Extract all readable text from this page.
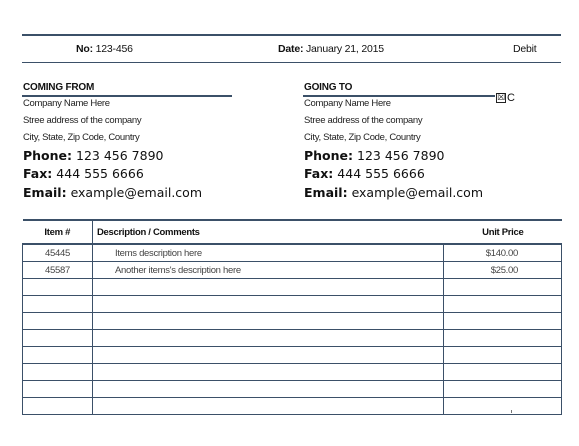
No: 123-456	Date: January 21, 2015	Debit
COMING FROM
Company Name Here
Stree address of the company
City, State, Zip Code, Country
Phone: 123 456 7890
Fax: 444 555 6666
Email: example@email.com
GOING TO
☒ C
Company Name Here
Stree address of the company
City, State, Zip Code, Country
Phone: 123 456 7890
Fax: 444 555 6666
Email: example@email.com
Item #	Description / Comments		Unit Price
45445	Items description here		$140.00
45587	Another items's description here		$25.00
